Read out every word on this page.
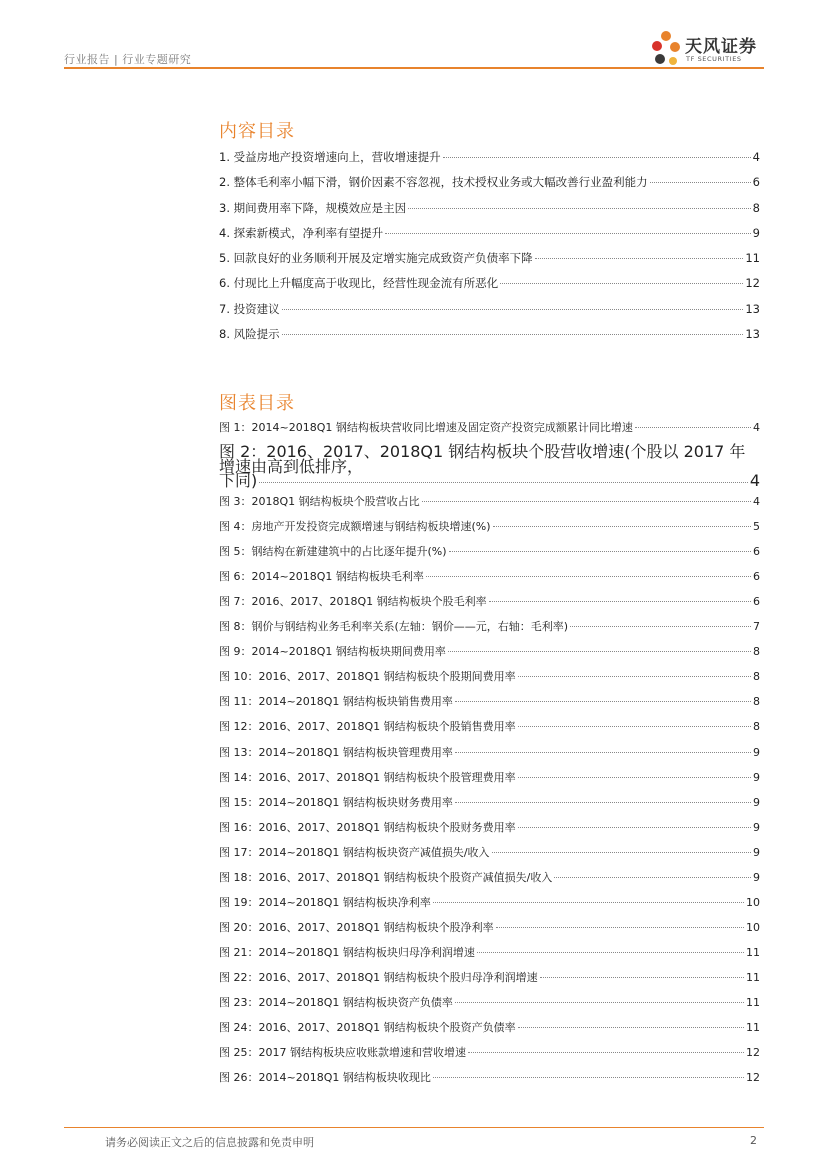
行业报告 | 行业专题研究
天风证券
TF SECURITIES
内容目录
1. 受益房地产投资增速向上，营收增速提升	4
2. 整体毛利率小幅下滑，钢价因素不容忽视，技术授权业务或大幅改善行业盈利能力	6
3. 期间费用率下降，规模效应是主因	8
4. 探索新模式，净利率有望提升	9
5. 回款良好的业务顺利开展及定增实施完成致资产负债率下降	11
6. 付现比上升幅度高于收现比，经营性现金流有所恶化	12
7. 投资建议	13
8. 风险提示	13
图表目录
图 1：2014~2018Q1 钢结构板块营收同比增速及固定资产投资完成额累计同比增速	4
图 2：2016、2017、2018Q1 钢结构板块个股营收增速(个股以 2017 年增速由高到低排序，
下同)	4
图 3：2018Q1 钢结构板块个股营收占比	4
图 4：房地产开发投资完成额增速与钢结构板块增速(%)	5
图 5：钢结构在新建建筑中的占比逐年提升(%)	6
图 6：2014~2018Q1 钢结构板块毛利率	6
图 7：2016、2017、2018Q1 钢结构板块个股毛利率	6
图 8：钢价与钢结构业务毛利率关系(左轴：钢价——元，右轴：毛利率)	7
图 9：2014~2018Q1 钢结构板块期间费用率	8
图 10：2016、2017、2018Q1 钢结构板块个股期间费用率	8
图 11：2014~2018Q1 钢结构板块销售费用率	8
图 12：2016、2017、2018Q1 钢结构板块个股销售费用率	8
图 13：2014~2018Q1 钢结构板块管理费用率	9
图 14：2016、2017、2018Q1 钢结构板块个股管理费用率	9
图 15：2014~2018Q1 钢结构板块财务费用率	9
图 16：2016、2017、2018Q1 钢结构板块个股财务费用率	9
图 17：2014~2018Q1 钢结构板块资产减值损失/收入	9
图 18：2016、2017、2018Q1 钢结构板块个股资产减值损失/收入	9
图 19：2014~2018Q1 钢结构板块净利率	10
图 20：2016、2017、2018Q1 钢结构板块个股净利率	10
图 21：2014~2018Q1 钢结构板块归母净利润增速	11
图 22：2016、2017、2018Q1 钢结构板块个股归母净利润增速	11
图 23：2014~2018Q1 钢结构板块资产负债率	11
图 24：2016、2017、2018Q1 钢结构板块个股资产负债率	11
图 25：2017 钢结构板块应收账款增速和营收增速	12
图 26：2014~2018Q1 钢结构板块收现比	12
请务必阅读正文之后的信息披露和免责申明	2
